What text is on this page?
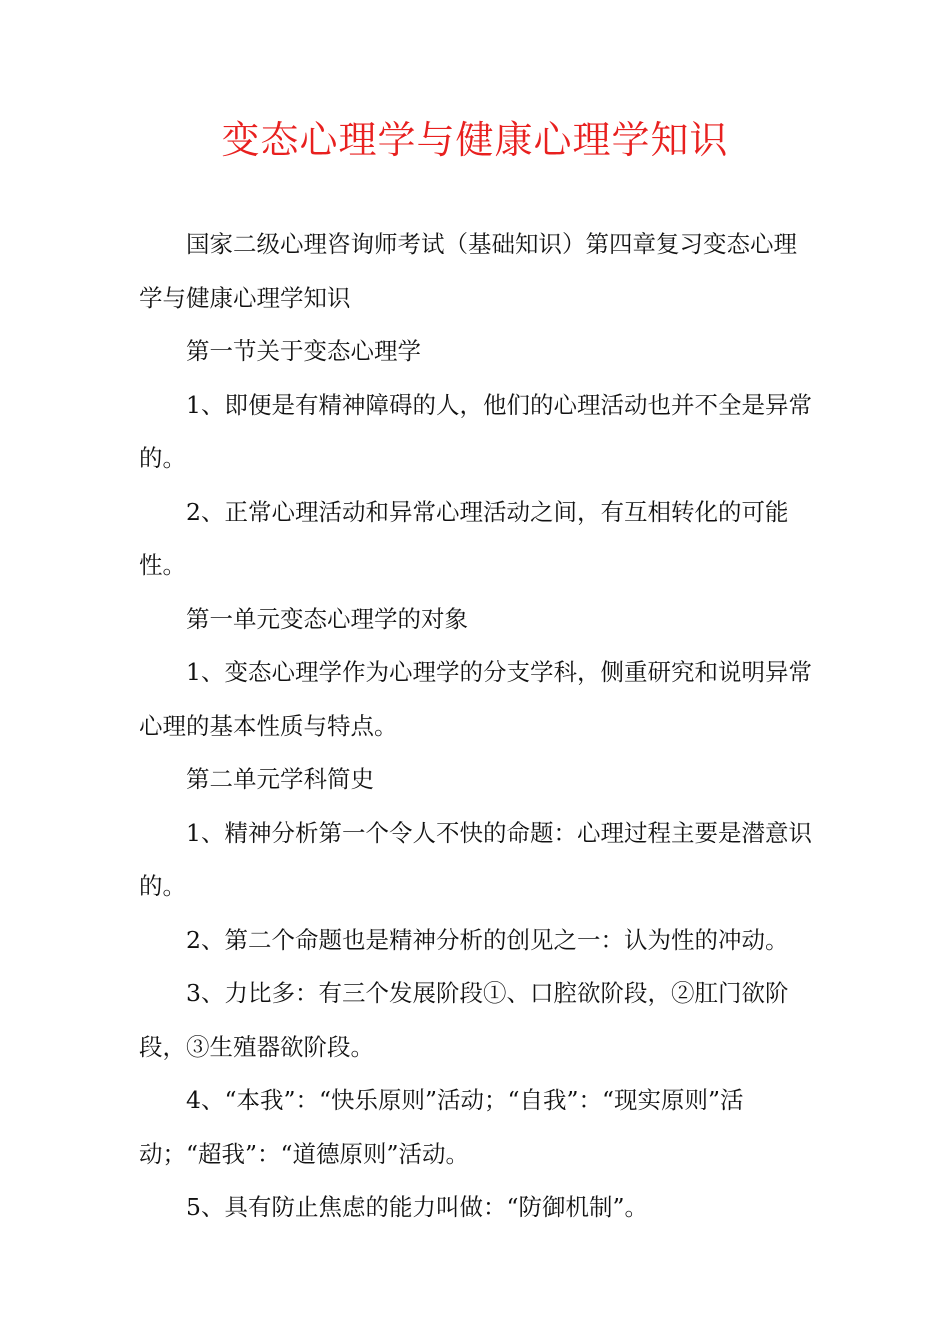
变态心理学与健康心理学知识

国家二级心理咨询师考试（基础知识）第四章复习变态心理学与健康心理学知识

第一节关于变态心理学

1、即便是有精神障碍的人，他们的心理活动也并不全是异常的。

2、正常心理活动和异常心理活动之间，有互相转化的可能性。

第一单元变态心理学的对象

1、变态心理学作为心理学的分支学科，侧重研究和说明异常心理的基本性质与特点。

第二单元学科简史

1、精神分析第一个令人不快的命题：心理过程主要是潜意识的。

2、第二个命题也是精神分析的创见之一：认为性的冲动。

3、力比多：有三个发展阶段①、口腔欲阶段，②肛门欲阶段，③生殖器欲阶段。

4、“本我”：“快乐原则”活动；“自我”：“现实原则”活动；“超我”：“道德原则”活动。

5、具有防止焦虑的能力叫做：“防御机制”。
